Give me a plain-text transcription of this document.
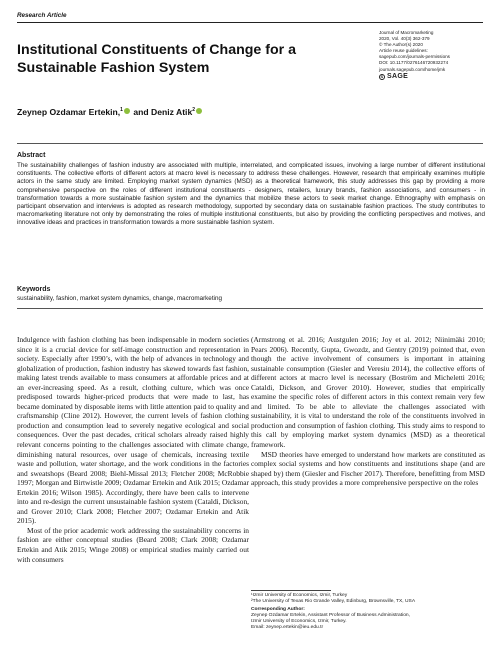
Research Article
Journal of Macromarketing
2020, Vol. 40(3) 362-379
© The Author(s) 2020
Article reuse guidelines:
sagepub.com/journals-permissions
DOI: 10.1177/0276146720932274
journals.sagepub.com/home/jmk
S SAGE
Institutional Constituents of Change for a Sustainable Fashion System
Zeynep Ozdamar Ertekin,$^1$ and Deniz Atik$^2$
Abstract
The sustainability challenges of fashion industry are associated with multiple, interrelated, and complicated issues, involving a large number of different institutional constituents. The collective efforts of different actors at macro level is necessary to address these challenges. However, research that empirically examines multiple actors in the same study are limited. Employing market system dynamics (MSD) as a theoretical framework, this study addresses this gap by providing a more comprehensive perspective on the roles of different institutional constituents - designers, retailers, luxury brands, fashion associations, and consumers - in transformation towards a more sustainable fashion system and the dynamics that mobilize these actors to seek market change. Ethnography with emphasis on participant observation and interviews is adopted as research methodology, supported by secondary data on sustainable fashion practices. The study contributes to macromarketing literature not only by demonstrating the roles of multiple institutional constituents, but also by providing the conflicting perspectives and motives, and innovative ideas and practices in transformation towards a more sustainable fashion system.
Keywords
sustainability, fashion, market system dynamics, change, macromarketing

Indulgence with fashion clothing has been indispensable in modern societies since it is a crucial device for self-image construction and representation in society. Especially after 1990’s, with the help of advances in technology and globalization of production, fashion industry has skewed towards fast fashion, making latest trends available to mass consumers at affordable prices and at an ever-increasing speed. As a result, clothing culture, which was once predisposed towards higher-priced products that were made to last, has became dominated by disposable items with little attention paid to quality and craftsmanship (Cline 2012). However, the current levels of fashion clothing production and consumption lead to severely negative ecological and social consequences. Over the past decades, critical scholars already raised highly relevant concerns pointing to the challenges associated with climate change, diminishing natural resources, over usage of chemicals, increasing textile waste and pollution, water shortage, and the work conditions in the factories and sweatshops (Beard 2008; Biehl-Missal 2013; Fletcher 2008; McRobbie 1997; Morgan and Birtwistle 2009; Ozdamar Ertekin and Atik 2015; Ozdamar Ertekin 2016; Wilson 1985). Accordingly, there have been calls to intervene into and re-design the current unsustainable fashion system (Cataldi, Dickson, and Grover 2010; Clark 2008; Fletcher 2007; Ozdamar Ertekin and Atik 2015).

Most of the prior academic work addressing the sustainability concerns in fashion are either conceptual studies (Beard 2008; Clark 2008; Ozdamar Ertekin and Atik 2015; Winge 2008) or empirical studies mainly carried out with consumers

(Armstrong et al. 2016; Austgulen 2016; Joy et al. 2012; Niinimäki 2010; Pears 2006). Recently, Gupta, Gwozdz, and Gentry (2019) pointed that, even though the active involvement of consumers is important in attaining sustainable consumption (Giesler and Veresiu 2014), the collective efforts of different actors at macro level is necessary (Boström and Micheletti 2016; Cataldi, Dickson, and Grover 2010). However, studies that empirically examine the specific roles of different actors in this context remain very few and limited. To be able to alleviate the challenges associated with sustainability, it is vital to understand the role of the constituents involved in production and consumption of fashion clothing. This study aims to respond to this call by employing market system dynamics (MSD) as a theoretical framework.

MSD theories have emerged to understand how markets are constituted as complex social systems and how constituents and institutions shape (and are shaped by) them (Giesler and Fischer 2017). Therefore, benefitting from MSD approach, this study provides a more comprehensive perspective on the roles

¹Izmir University of Economics, Izmir, Turkey
²The University of Texas Rio Grande Valley, Edinburg, Brownsville, TX, USA
Corresponding Author:
Zeynep Ozdamar Ertekin, Assistant Professor of Business Administration,
Izmir University of Economics, Izmir, Turkey.
Email: zeynep.ertekin@ieu.edu.tr
